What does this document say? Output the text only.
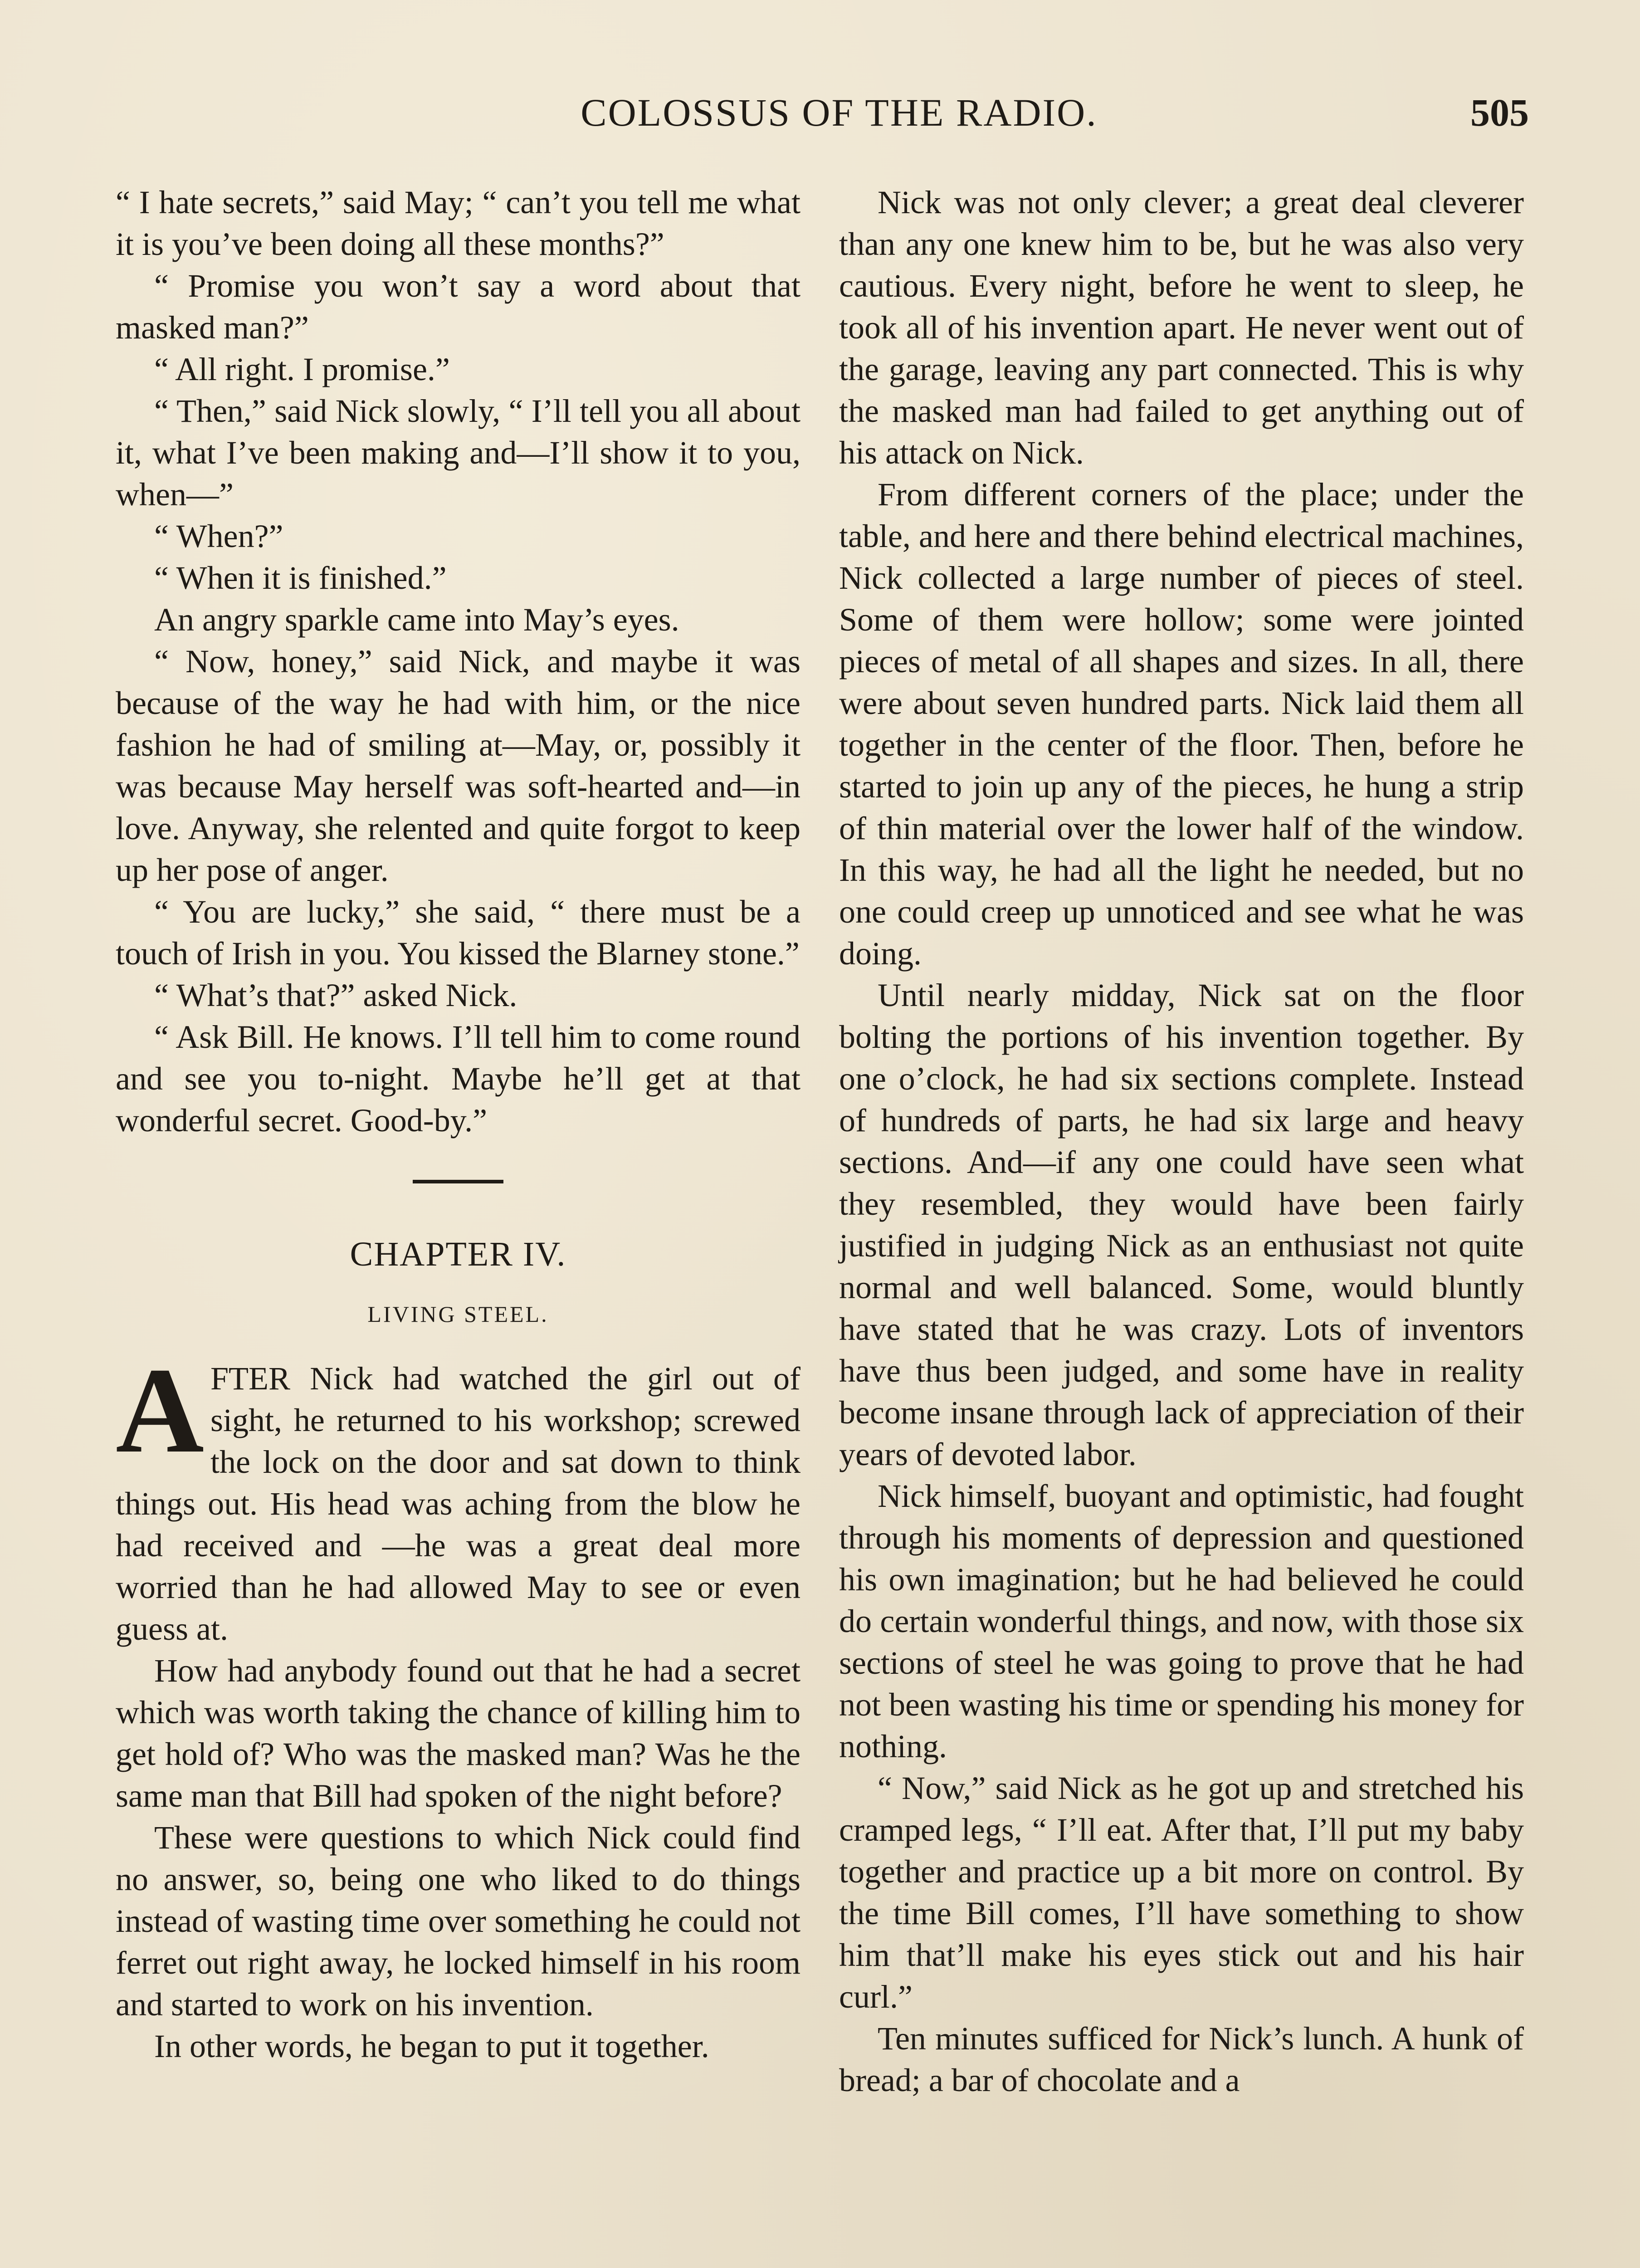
COLOSSUS OF THE RADIO.	505

“ I hate secrets,” said May; “ can’t you tell me what it is you’ve been doing all these months?”

“ Promise you won’t say a word about that masked man?”

“ All right. I promise.”

“ Then,” said Nick slowly, “ I’ll tell you all about it, what I’ve been making and—I’ll show it to you, when—”

“ When?”

“ When it is finished.”

An angry sparkle came into May’s eyes.

“ Now, honey,” said Nick, and maybe it was because of the way he had with him, or the nice fashion he had of smiling at—May, or, possibly it was because May herself was soft-hearted and—in love. Anyway, she relented and quite forgot to keep up her pose of anger.

“ You are lucky,” she said, “ there must be a touch of Irish in you. You kissed the Blarney stone.”

“ What’s that?” asked Nick.

“ Ask Bill. He knows. I’ll tell him to come round and see you to-night. Maybe he’ll get at that wonderful secret. Good-by.”

CHAPTER IV.
LIVING STEEL.

AFTER Nick had watched the girl out of sight, he returned to his workshop; screwed the lock on the door and sat down to think things out. His head was aching from the blow he had received and —he was a great deal more worried than he had allowed May to see or even guess at.

How had anybody found out that he had a secret which was worth taking the chance of killing him to get hold of? Who was the masked man? Was he the same man that Bill had spoken of the night before?

These were questions to which Nick could find no answer, so, being one who liked to do things instead of wasting time over something he could not ferret out right away, he locked himself in his room and started to work on his invention.

In other words, he began to put it together.

Nick was not only clever; a great deal cleverer than any one knew him to be, but he was also very cautious. Every night, before he went to sleep, he took all of his invention apart. He never went out of the garage, leaving any part connected. This is why the masked man had failed to get anything out of his attack on Nick.

From different corners of the place; under the table, and here and there behind electrical machines, Nick collected a large number of pieces of steel. Some of them were hollow; some were jointed pieces of metal of all shapes and sizes. In all, there were about seven hundred parts. Nick laid them all together in the center of the floor. Then, before he started to join up any of the pieces, he hung a strip of thin material over the lower half of the window. In this way, he had all the light he needed, but no one could creep up unnoticed and see what he was doing.

Until nearly midday, Nick sat on the floor bolting the portions of his invention together. By one o’clock, he had six sections complete. Instead of hundreds of parts, he had six large and heavy sections. And—if any one could have seen what they resembled, they would have been fairly justified in judging Nick as an enthusiast not quite normal and well balanced. Some, would bluntly have stated that he was crazy. Lots of inventors have thus been judged, and some have in reality become insane through lack of appreciation of their years of devoted labor.

Nick himself, buoyant and optimistic, had fought through his moments of depression and questioned his own imagination; but he had believed he could do certain wonderful things, and now, with those six sections of steel he was going to prove that he had not been wasting his time or spending his money for nothing.

“ Now,” said Nick as he got up and stretched his cramped legs, “ I’ll eat. After that, I’ll put my baby together and practice up a bit more on control. By the time Bill comes, I’ll have something to show him that’ll make his eyes stick out and his hair curl.”

Ten minutes sufficed for Nick’s lunch. A hunk of bread; a bar of chocolate and a
